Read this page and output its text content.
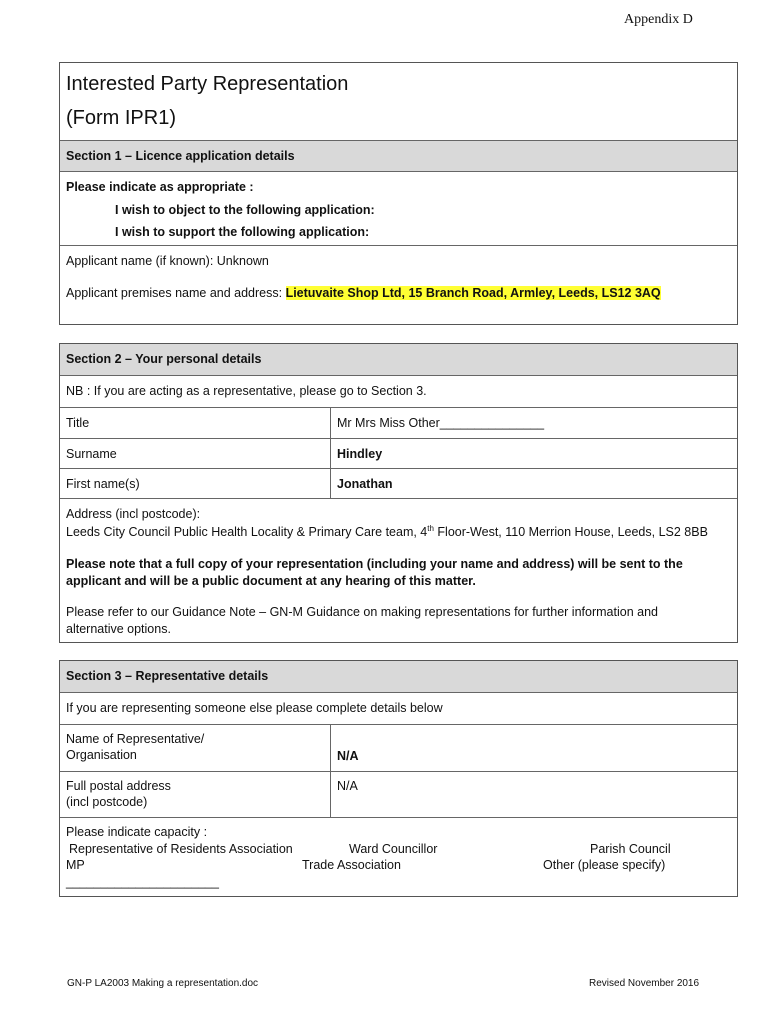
Appendix D
Interested Party Representation
(Form IPR1)
Section 1 – Licence application details
Please indicate as appropriate :
I wish to object to the following application:
I wish to support the following application:
Applicant name (if known): Unknown
Applicant premises name and address: Lietuvaite Shop Ltd, 15 Branch Road, Armley, Leeds, LS12 3AQ
Section 2 – Your personal details
NB : If you are acting as a representative, please go to Section 3.
Title	Mr Mrs Miss Other_______________
Surname	Hindley
First name(s)	Jonathan
Address (incl postcode):
Leeds City Council Public Health Locality & Primary Care team, 4th Floor-West, 110 Merrion House, Leeds, LS2 8BB
Please note that a full copy of your representation (including your name and address) will be sent to the
applicant and will be a public document at any hearing of this matter.
Please refer to our Guidance Note – GN-M Guidance on making representations for further information and
alternative options.
Section 3 – Representative details
If you are representing someone else please complete details below
Name of Representative/
Organisation	N/A
Full postal address
(incl postcode)
N/A
Please indicate capacity :
Representative of Residents Association	Ward Councillor	Parish Council
MP	Trade Association	Other (please specify)
______________________
GN-P LA2003 Making a representation.doc	Revised November 2016
